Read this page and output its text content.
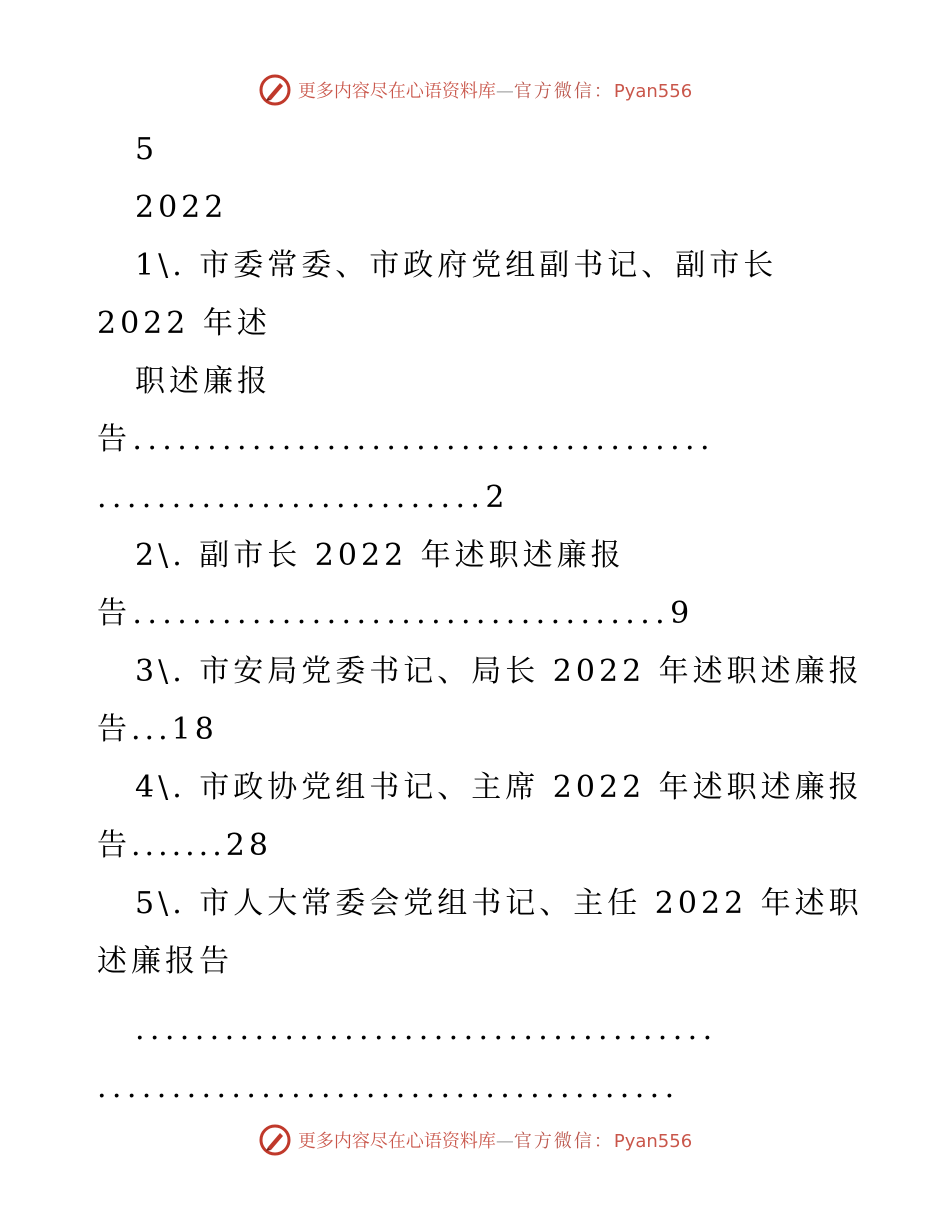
更多内容尽在心语资料库—官方微信：Pyan556
5
2022
1\. 市委常委、市政府党组副书记、副市长
2022 年述
职述廉报
告.......................................
..........................2
2\. 副市长 2022 年述职述廉报
告....................................9
3\. 市安局党委书记、局长 2022 年述职述廉报
告...18
4\. 市政协党组书记、主席 2022 年述职述廉报
告.......28
5\. 市人大常委会党组书记、主任 2022 年述职
述廉报告
.......................................
.......................................
更多内容尽在心语资料库—官方微信：Pyan556
